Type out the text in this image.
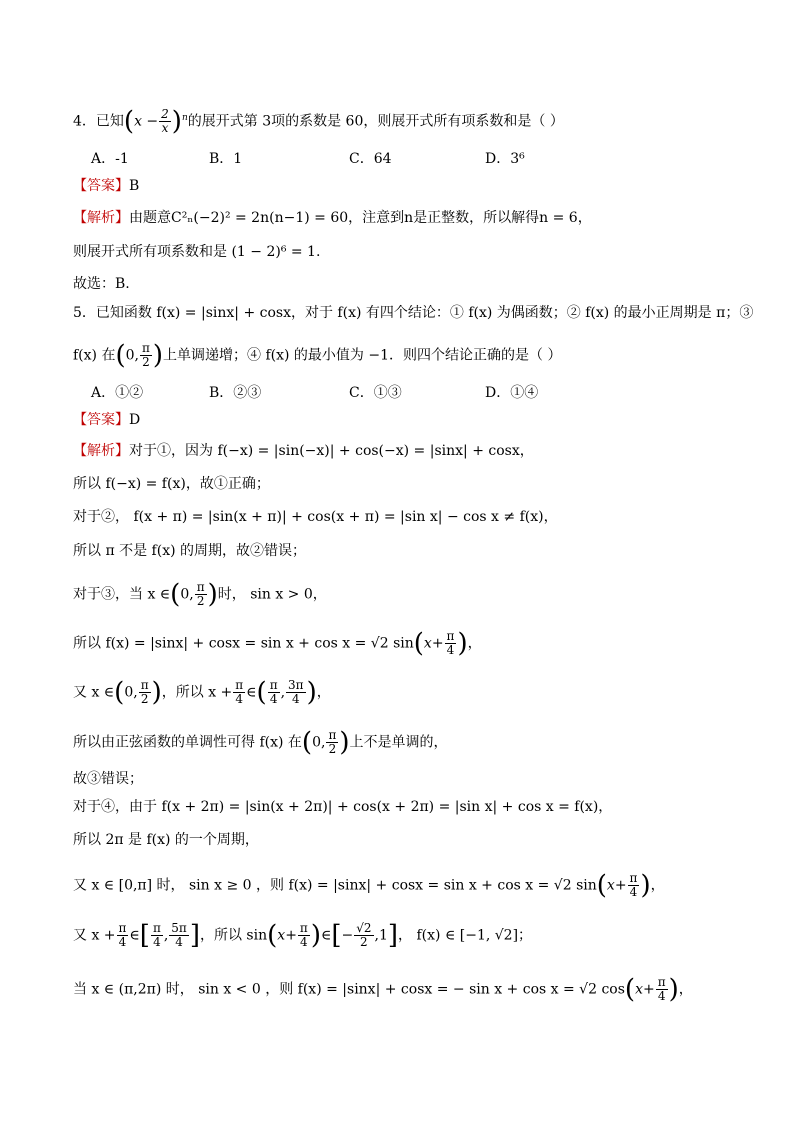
4．已知$(x - \frac{2}{x} )^n$的展开式第 3项的系数是 60，则展开式所有项系数和是（ ）
A．-1	B．1	C．64	D．3⁶
【答案】B
【解析】由题意C²ₙ(−2)² = 2n(n−1) = 60，注意到n是正整数，所以解得n = 6，
则展开式所有项系数和是 (1 − 2)⁶ = 1.
故选：B.
5．已知函数 f(x) = |sinx| + cosx，对于 f(x) 有四个结论：① f(x) 为偶函数；② f(x) 的最小正周期是 π；③
f(x) 在(0, $\frac{\pi}{2}$ )上单调递增；④ f(x) 的最小值为 −1．则四个结论正确的是（ ）
A．①②	B．②③	C．①③	D．①④
【答案】D
【解析】对于①，因为 f(−x) = |sin(−x)| + cos(−x) = |sinx| + cosx，
所以 f(−x) = f(x)，故①正确；
对于②， f(x + π) = |sin(x + π)| + cos(x + π) = |sin x| − cos x ≠ f(x)，
所以 π 不是 f(x) 的周期，故②错误；
对于③，当 x ∈(0, $\frac{\pi}{2}$ )时， sin x > 0，
所以 f(x) = |sinx| + cosx = sin x + cos x = √2 $\sin(x+ \frac{\pi}{4}$ )，
又 x ∈(0, $\frac{\pi}{2}$ )，所以 $x + \frac{\pi}{4}$ ∈( $\frac{\pi}{4}$ , $\frac{3\pi}{4}$ )，
所以由正弦函数的单调性可得 f(x) 在(0, $\frac{\pi}{2}$ )上不是单调的，
故③错误；
对于④，由于 f(x + 2π) = |sin(x + 2π)| + cos(x + 2π) = |sin x| + cos x = f(x)，
所以 2π 是 f(x) 的一个周期，
又 x ∈ [0,π] 时， sin x ≥ 0 ，则 f(x) = |sinx| + cosx = sin x + cos x = √2 $\sin(x+ \frac{\pi}{4}$ )，
又 $x + \frac{\pi}{4}$ ∈[ $\frac{\pi}{4}$ , $\frac{5\pi}{4}$ ]，所以 $\sin(x+ \frac{\pi}{4}$ )∈[− $\frac{√2}{2} ,1$]， f(x) ∈ [−1, √2]；
当 x ∈ (π,2π) 时， sin x < 0 ，则 f(x) = |sinx| + cosx = − sin x + cos x = √2 $\cos(x+ \frac{\pi}{4}$ )，
